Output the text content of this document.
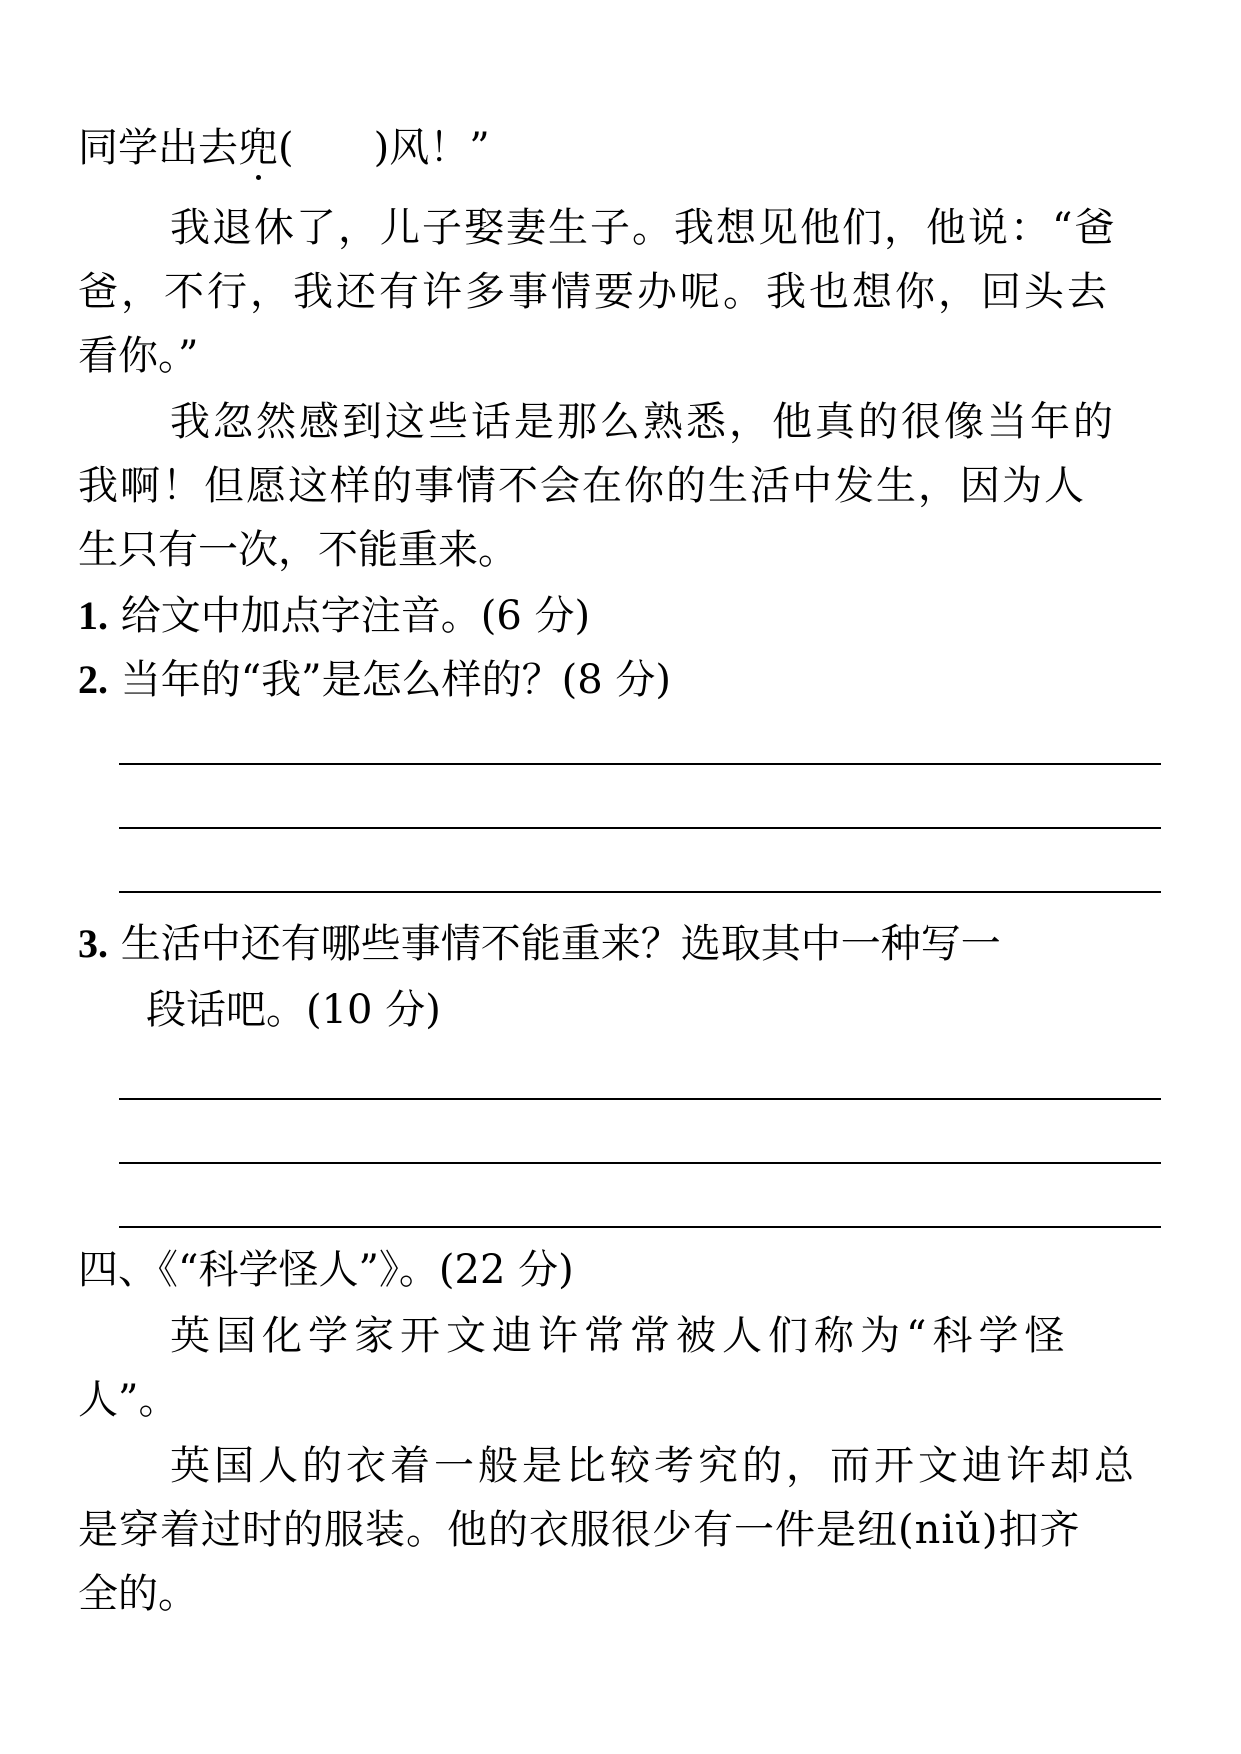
同学出去兜(　　)风！”
我退休了，儿子娶妻生子。我想见他们，他说：“爸
爸，不行，我还有许多事情要办呢。我也想你，回头去
看你。”
我忽然感到这些话是那么熟悉，他真的很像当年的
我啊！但愿这样的事情不会在你的生活中发生，因为人
生只有一次，不能重来。
1. 给文中加点字注音。(6 分)
2. 当年的“我”是怎么样的？(8 分)
3. 生活中还有哪些事情不能重来？选取其中一种写一
段话吧。(10 分)
四、《“科学怪人”》。(22 分)
英国化学家开文迪许常常被人们称为“科学怪
人”。
英国人的衣着一般是比较考究的，而开文迪许却总
是穿着过时的服装。他的衣服很少有一件是纽(niǔ)扣齐
全的。
